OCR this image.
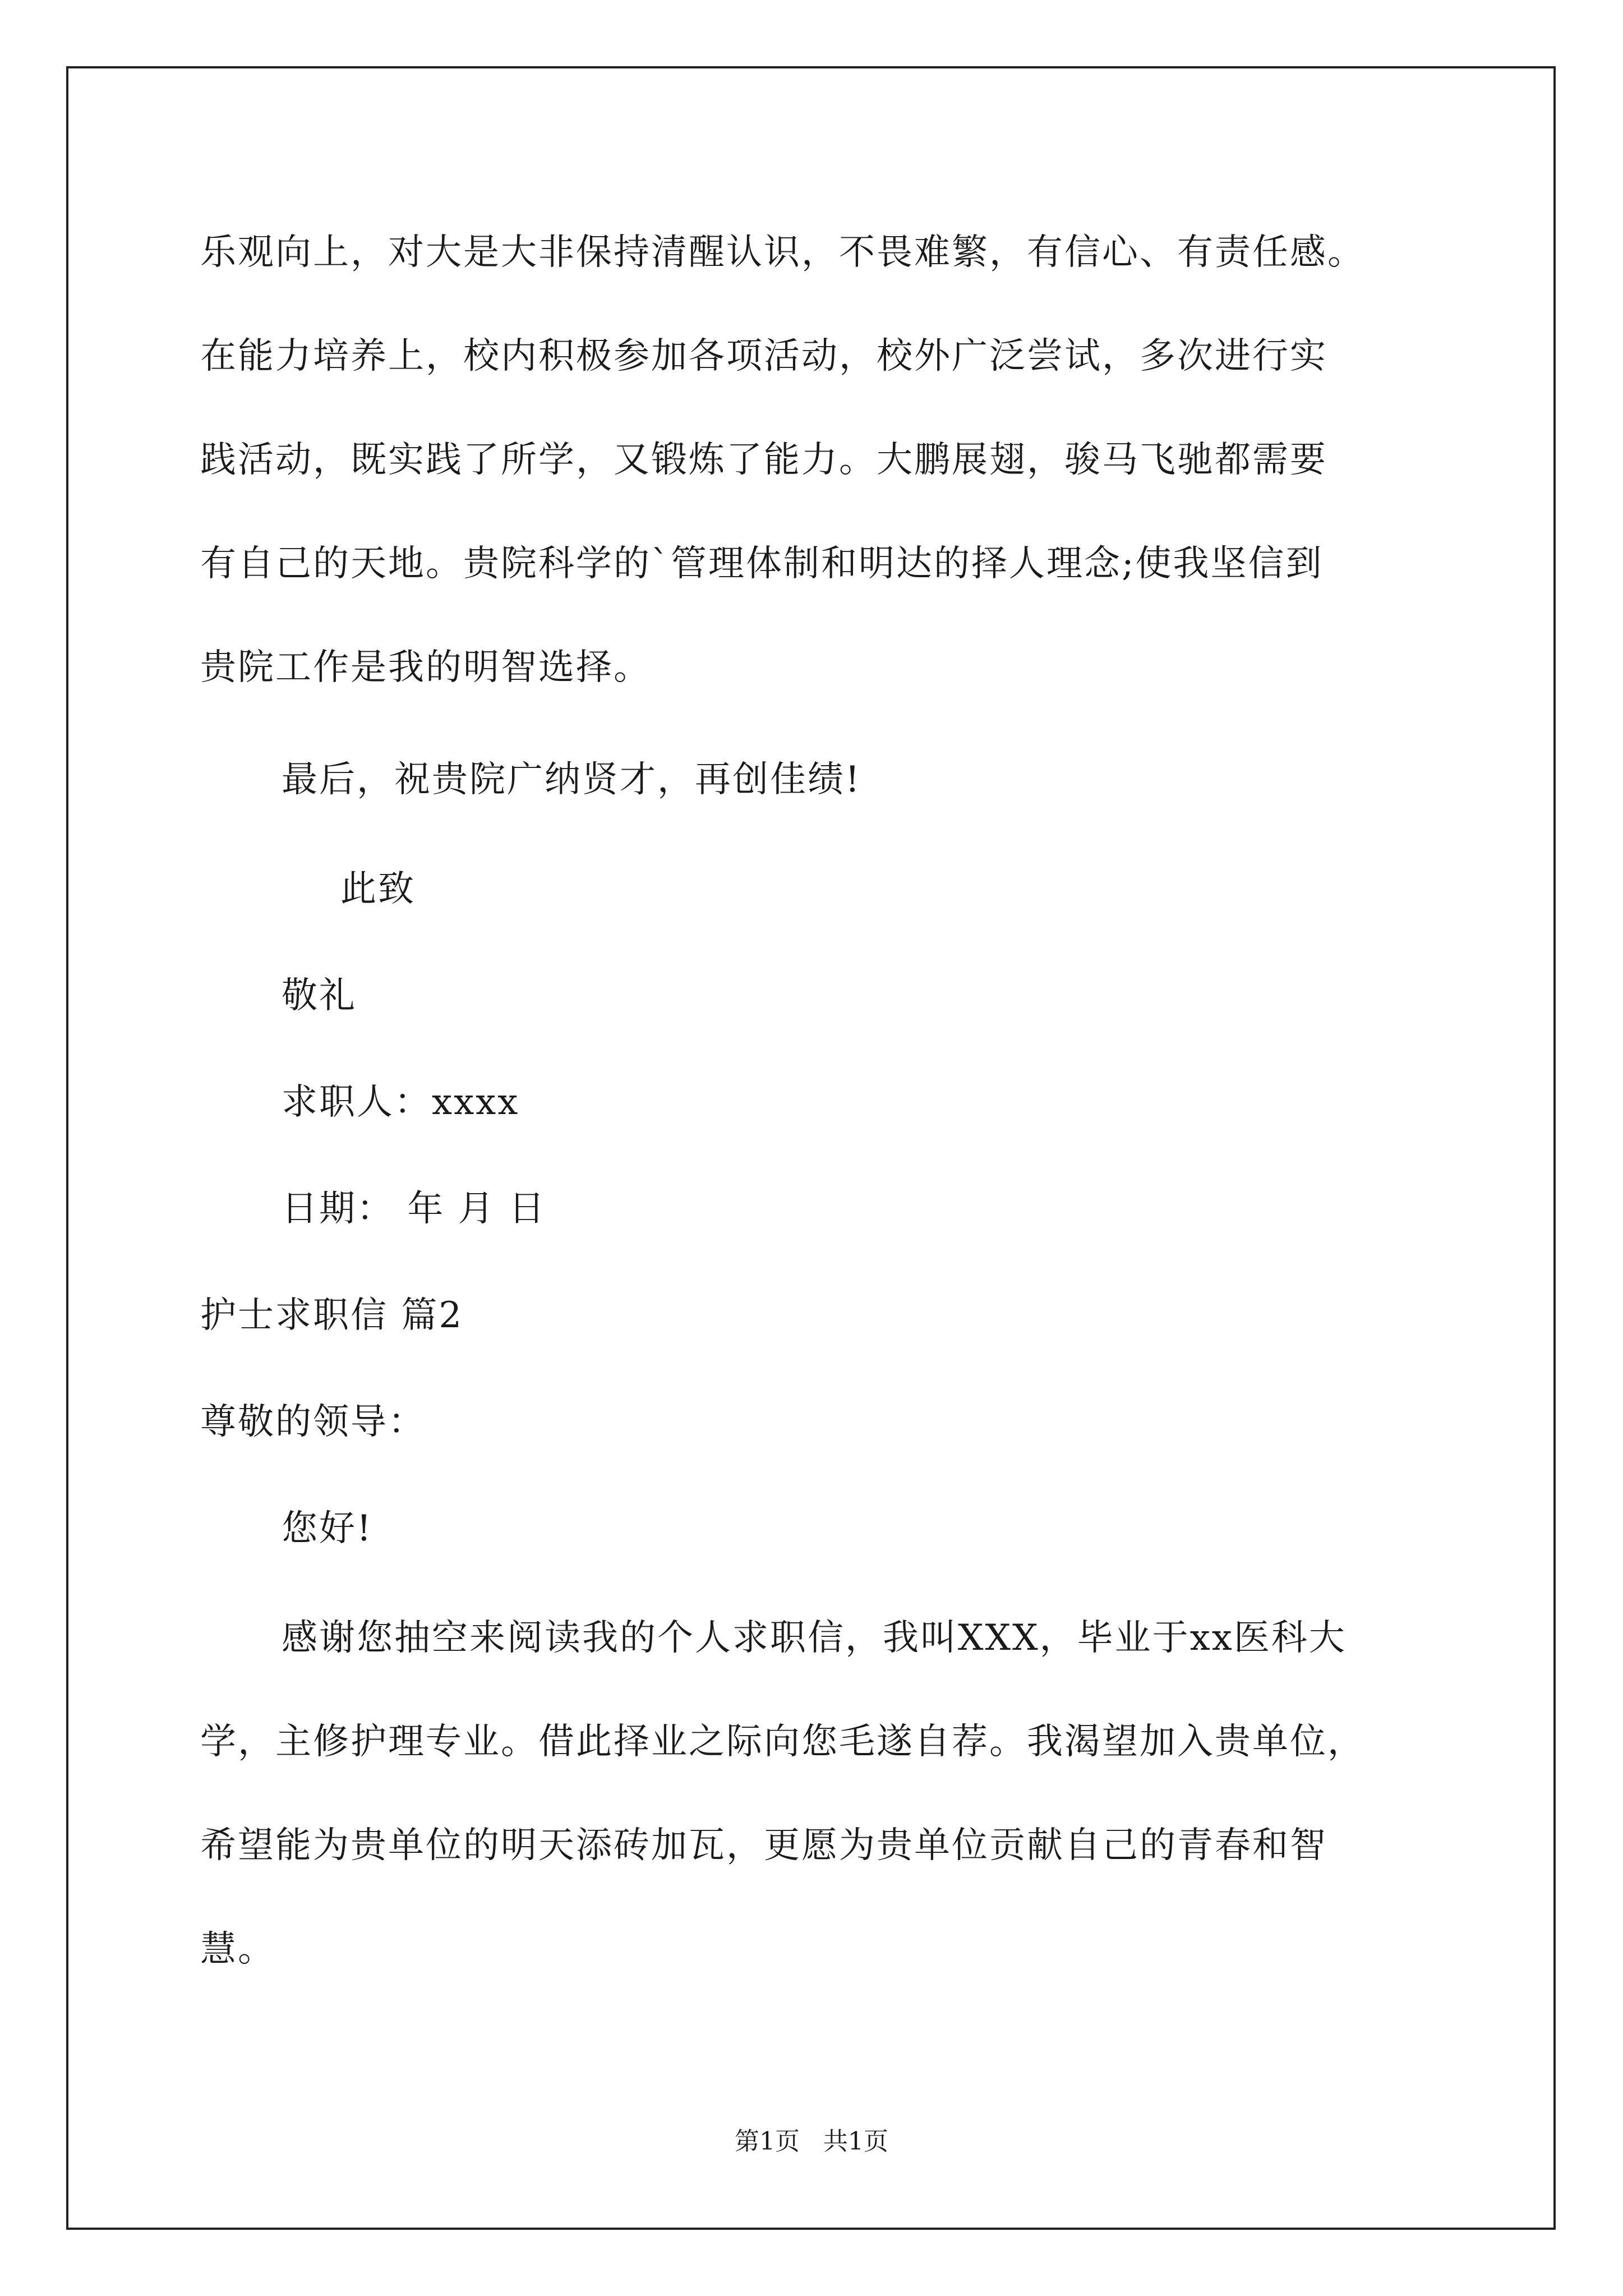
乐观向上，对大是大非保持清醒认识，不畏难繁，有信心、有责任感。
在能力培养上，校内积极参加各项活动，校外广泛尝试，多次进行实
践活动，既实践了所学，又锻炼了能力。大鹏展翅，骏马飞驰都需要
有自己的天地。贵院科学的`管理体制和明达的择人理念;使我坚信到
贵院工作是我的明智选择。
最后，祝贵院广纳贤才，再创佳绩!
此致
敬礼
求职人：xxxx
日期： 年 月 日
护士求职信 篇2
尊敬的领导：
您好!
感谢您抽空来阅读我的个人求职信，我叫XXX，毕业于xx医科大
学，主修护理专业。借此择业之际向您毛遂自荐。我渴望加入贵单位，
希望能为贵单位的明天添砖加瓦，更愿为贵单位贡献自己的青春和智
慧。
第1页   共1页
